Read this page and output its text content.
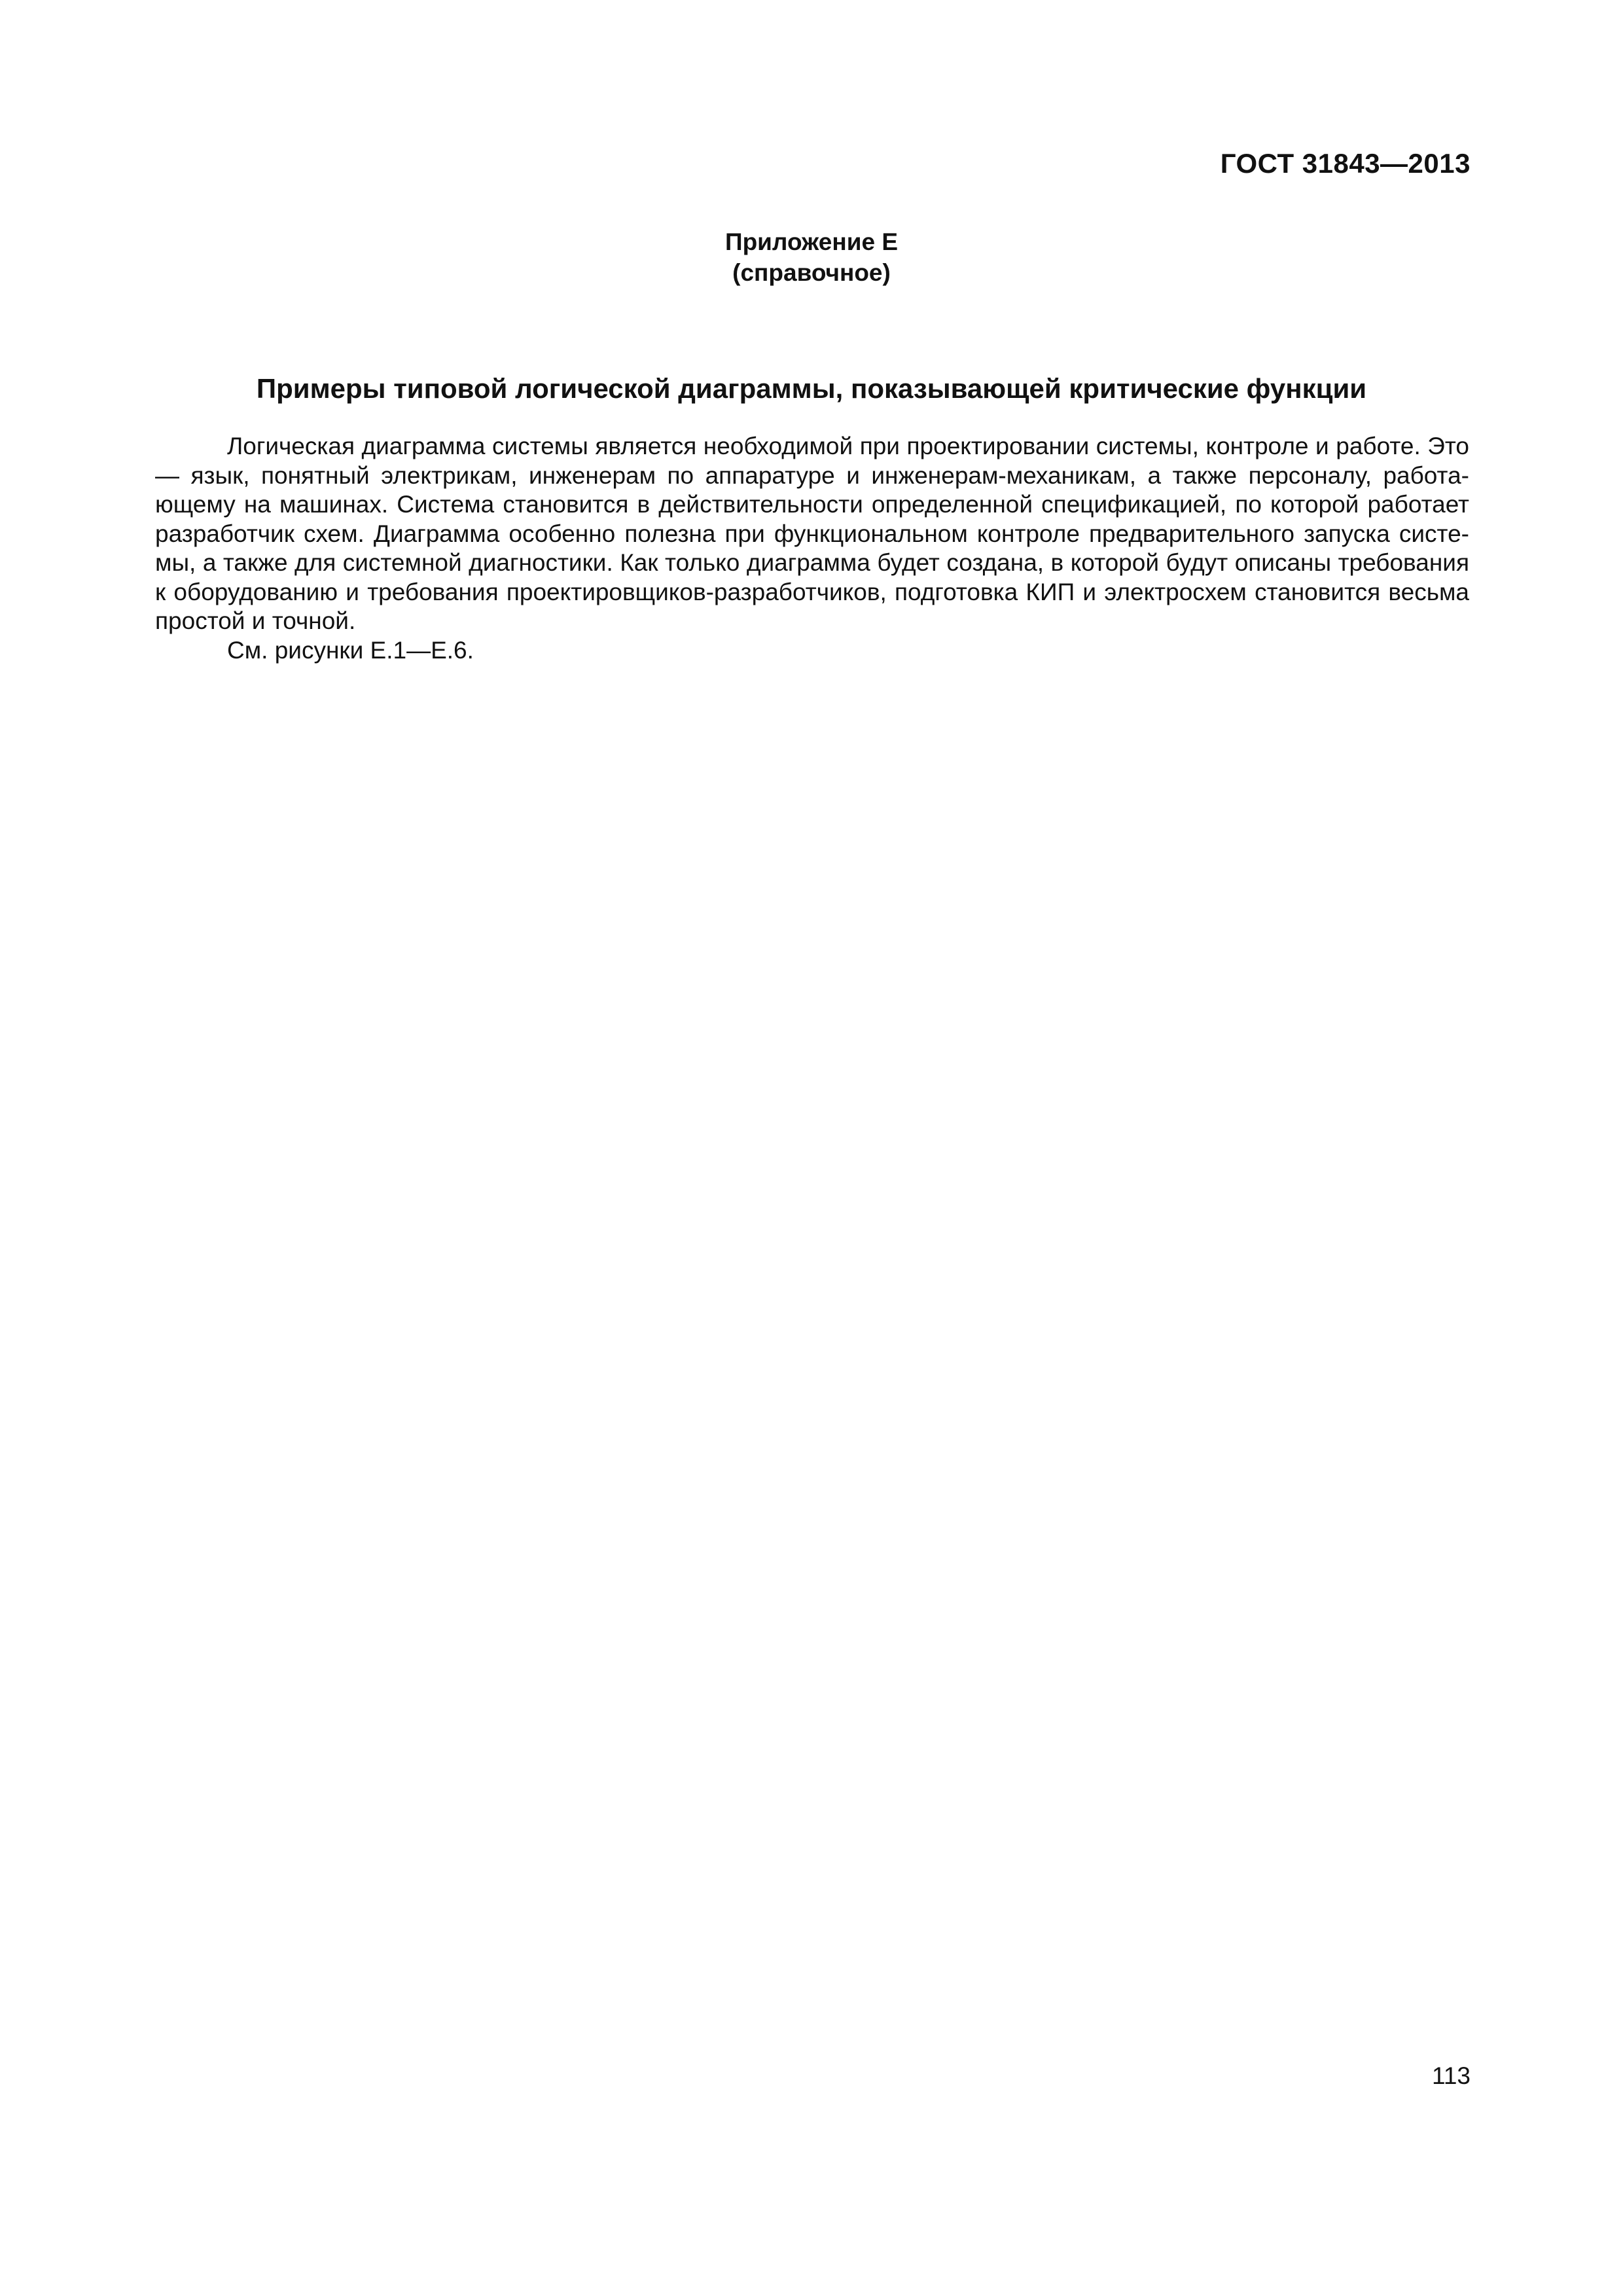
ГОСТ 31843—2013
Приложение Е
(справочное)
Примеры типовой логической диаграммы, показывающей критические функции

Логическая диаграмма системы является необходимой при проектировании системы, контроле и работе. Это — язык, понятный электрикам, инженерам по аппаратуре и инженерам-механикам, а также персоналу, работающему на машинах. Система становится в действительности определенной спецификацией, по которой работает разработчик схем. Диаграмма особенно полезна при функциональном контроле предварительного запуска системы, а также для системной диагностики. Как только диаграмма будет создана, в которой будут описаны требования к оборудованию и требования проектировщиков-разработчиков, подготовка КИП и электросхем становится весьма простой и точной.

См. рисунки Е.1—Е.6.

113
